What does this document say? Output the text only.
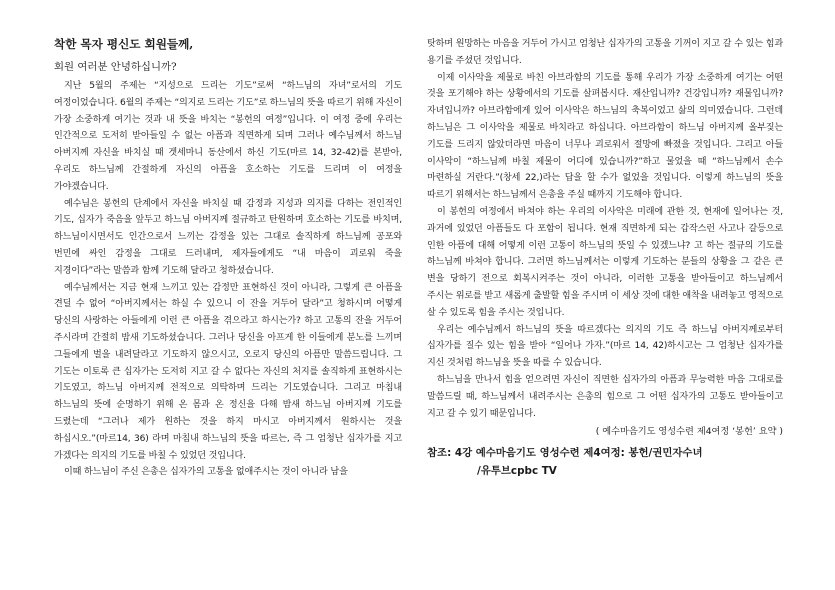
착한 목자 평신도 회원들께,
회원 여러분 안녕하십니까?

지난 5월의 주제는 “지성으로 드리는 기도”로써 “하느님의 자녀”로서의 기도 여정이었습니다. 6월의 주제는 “의지로 드리는 기도”로 하느님의 뜻을 따르기 위해 자신이 가장 소중하게 여기는 것과 내 뜻을 바치는 “봉헌의 여정”입니다. 이 여정 중에 우리는 인간적으로 도저히 받아들일 수 없는 아픔과 직면하게 되며 그러나 예수님께서 하느님 아버지께 자신을 바치실 때 겟세마니 동산에서 하신 기도(마르 14, 32-42)를 본받아, 우리도 하느님께 간절하게 자신의 아픔을 호소하는 기도를 드리며 이 여정을 가야겠습니다.

예수님은 봉헌의 단계에서 자신을 바치실 때 감정과 지성과 의지를 다하는 전인적인 기도, 십자가 죽음을 앞두고 하느님 아버지께 절규하고 탄원하며 호소하는 기도를 바치며, 하느님이시면서도 인간으로서 느끼는 감정을 있는 그대로 솔직하게 하느님께 공포와 번민에 싸인 감정을 그대로 드러내며, 제자들에게도 “내 마음이 괴로워 죽을 지경이다”라는 말씀과 함께 기도해 달라고 청하셨습니다.

예수님께서는 지금 현재 느끼고 있는 감정만 표현하신 것이 아니라, 그렇게 큰 아픔을 견딜 수 없어 “아버지께서는 하실 수 있으니 이 잔을 거두어 달라”고 청하시며 어떻게 당신의 사랑하는 아들에게 이런 큰 아픔을 겪으라고 하시는가? 하고 고통의 잔을 거두어 주시라며 간절히 밤새 기도하셨습니다. 그러나 당신을 아프게 한 이들에게 분노를 느끼며 그들에게 벌을 내려달라고 기도하지 않으시고, 오로지 당신의 아픔만 말씀드립니다. 그 기도는 이토록 큰 십자가는 도저히 지고 갈 수 없다는 자신의 처지를 솔직하게 표현하시는 기도였고, 하느님 아버지께 전적으로 의탁하며 드리는 기도였습니다. 그리고 마침내 하느님의 뜻에 순명하기 위해 온 몸과 온 정신을 다해 밤새 하느님 아버지께 기도를 드렸는데 “그러나 제가 원하는 것을 하지 마시고 아버지께서 원하시는 것을 하십시오.”(마르14, 36) 라며 마침내 하느님의 뜻을 따르는, 즉 그 엄청난 십자가를 지고 가겠다는 의지의 기도를 바칠 수 있었던 것입니다.

이때 하느님이 주신 은총은 십자가의 고통을 없애주시는 것이 아니라 남을

탓하며 원망하는 마음을 거두어 가시고 엄청난 십자가의 고통을 기꺼이 지고 갈 수 있는 힘과 용기를 주셨던 것입니다.

이제 이사악을 제물로 바친 아브라함의 기도를 통해 우리가 가장 소중하게 여기는 어떤 것을 포기해야 하는 상황에서의 기도를 살펴봅시다. 재산입니까? 건강입니까? 재물입니까? 자녀입니까? 아브라함에게 있어 이사악은 하느님의 축복이었고 삶의 의미였습니다. 그런데 하느님은 그 이사악을 제물로 바치라고 하십니다. 아브라함이 하느님 아버지께 올부짖는 기도를 드리지 않았더라면 마음이 너무나 괴로워서 절망에 빠졌을 것입니다. 그리고 아들 이사악이 “하느님께 바칠 제물이 어디에 있습니까?”하고 물었을 때 “하느님께서 손수 마련하실 거란다.”(창세 22,)라는 답을 할 수가 없었을 것입니다. 이렇게 하느님의 뜻을 따르기 위해서는 하느님께서 은총을 주실 때까지 기도해야 합니다.

이 봉헌의 여정에서 바쳐야 하는 우리의 이사악은 미래에 관한 것, 현재에 일어나는 것, 과거에 있었던 아픔들도 다 포함이 됩니다. 현재 직면하게 되는 갑작스런 사고나 갈등으로 인한 아픔에 대해 어떻게 이런 고통이 하느님의 뜻일 수 있겠느냐? 고 하는 절규의 기도를 하느님께 바쳐야 합니다. 그러면 하느님께서는 이렇게 기도하는 분들의 상황을 그 같은 큰 변을 당하기 전으로 회복시켜주는 것이 아니라, 이러한 고통을 받아들이고 하느님께서 주시는 위로를 받고 새롭게 출발할 힘을 주시며 이 세상 것에 대한 애착을 내려놓고 영적으로 살 수 있도록 힘을 주시는 것입니다.

우리는 예수님께서 하느님의 뜻을 따르겠다는 의지의 기도 즉 하느님 아버지께로부터 십자가를 질수 있는 힘을 받아 “일어나 가자.”(마르 14, 42)하시고는 그 엄청난 십자가를 지신 것처럼 하느님을 뜻을 따를 수 있습니다.

하느님을 만나서 힘을 얻으려면 자신이 직면한 십자가의 아픔과 무능력한 마음 그대로를 말씀드릴 때, 하느님께서 내려주시는 은총의 힘으로 그 어떤 십자가의 고통도 받아들이고 지고 갈 수 있기 때문입니다.

( 예수마음기도 영성수련 제4여정 ‘봉헌’ 요약 )
참조: 4강 예수마음기도 영성수련 제4여정: 봉헌/권민자수녀
/유투브cpbc TV
